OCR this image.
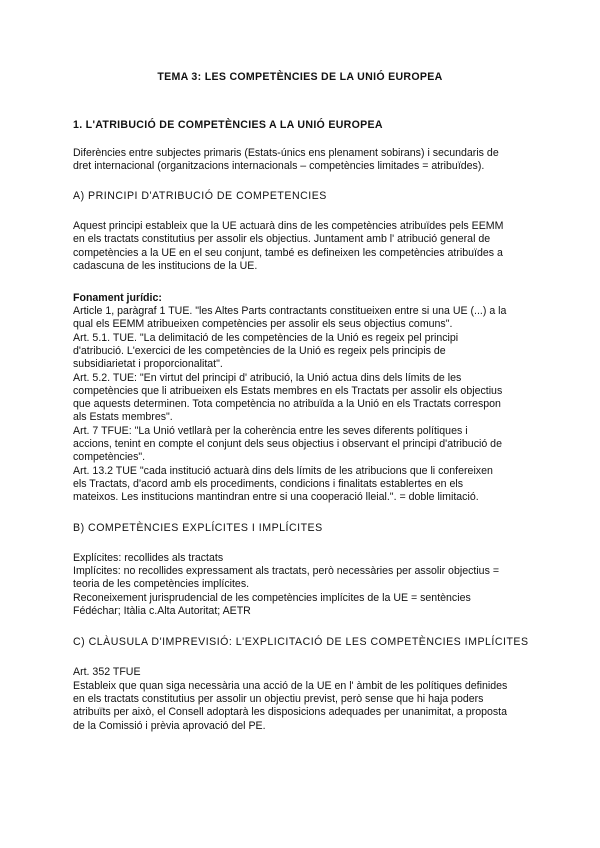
TEMA 3: LES COMPETÈNCIES DE LA UNIÓ EUROPEA
1. L'ATRIBUCIÓ DE COMPETÈNCIES A LA UNIÓ EUROPEA
Diferències entre subjectes primaris (Estats-únics ens plenament sobirans) i secundaris de
dret internacional (organitzacions internacionals – competències limitades = atribuïdes).
A) PRINCIPI D'ATRIBUCIÓ DE COMPETENCIES
Aquest principi estableix que la UE actuarà dins de les competències atribuïdes pels EEMM
en els tractats constitutius per assolir els objectius. Juntament amb l' atribució general de
competències a la UE en el seu conjunt, també es defineixen les competències atribuïdes a
cadascuna de les institucions de la UE.
Fonament jurídic:
Article 1, paràgraf 1 TUE. "les Altes Parts contractants constitueixen entre si una UE (...) a la
qual els EEMM atribueixen competències per assolir els seus objectius comuns".
Art. 5.1. TUE. "La delimitació de les competències de la Unió es regeix pel principi
d'atribució. L'exercici de les competències de la Unió es regeix pels principis de
subsidiarietat i proporcionalitat".
Art. 5.2. TUE: "En virtut del principi d' atribució, la Unió actua dins dels límits de les
competències que li atribueixen els Estats membres en els Tractats per assolir els objectius
que aquests determinen. Tota competència no atribuïda a la Unió en els Tractats correspon
als Estats membres".
Art. 7 TFUE: "La Unió vetllarà per la coherència entre les seves diferents polítiques i
accions, tenint en compte el conjunt dels seus objectius i observant el principi d'atribució de
competències".
Art. 13.2 TUE "cada institució actuarà dins dels límits de les atribucions que li confereixen
els Tractats, d'acord amb els procediments, condicions i finalitats establertes en els
mateixos. Les institucions mantindran entre si una cooperació lleial.". = doble limitació.
B) COMPETÈNCIES EXPLÍCITES I IMPLÍCITES
Explícites: recollides als tractats
Implícites: no recollides expressament als tractats, però necessàries per assolir objectius =
teoria de les competències implícites.
Reconeixement jurisprudencial de les competències implícites de la UE = sentències
Fédéchar; Itàlia c.Alta Autoritat; AETR
C) CLÀUSULA D'IMPREVISIÓ: L'EXPLICITACIÓ DE LES COMPETÈNCIES IMPLÍCITES
Art. 352 TFUE
Estableix que quan siga necessària una acció de la UE en l' àmbit de les polítiques definides
en els tractats constitutius per assolir un objectiu previst, però sense que hi haja poders
atribuïts per això, el Consell adoptarà les disposicions adequades per unanimitat, a proposta
de la Comissió i prèvia aprovació del PE.
